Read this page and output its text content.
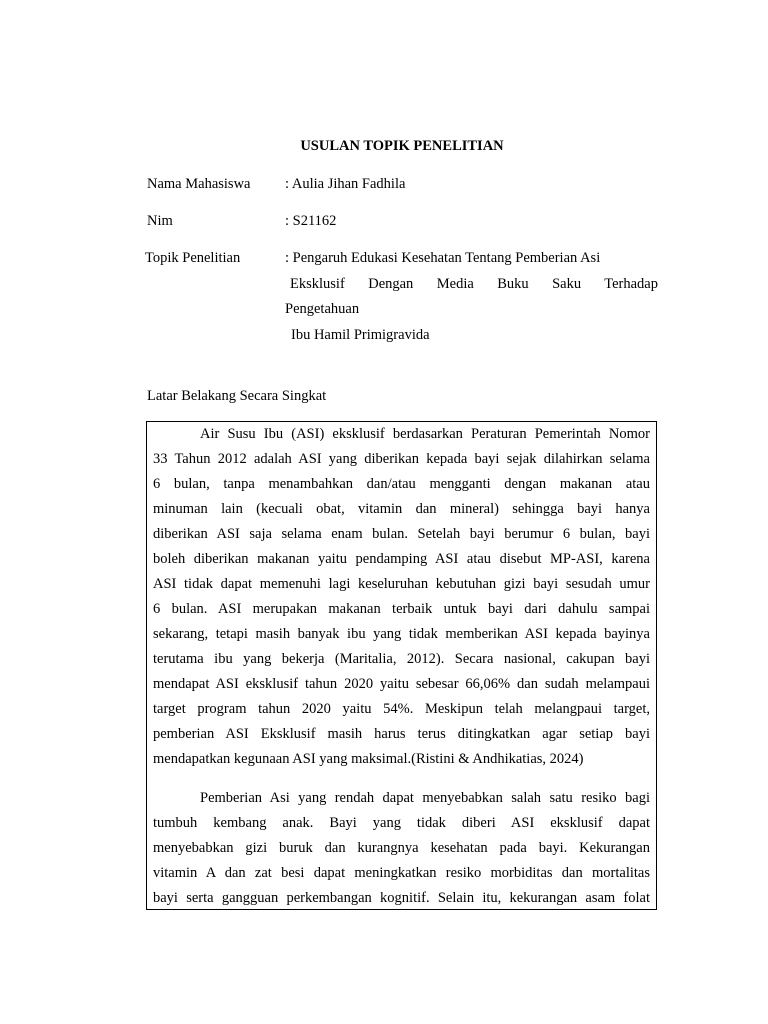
USULAN TOPIK PENELITIAN
Nama Mahasiswa : Aulia Jihan Fadhila
Nim	: S21162
Topik Penelitian	: Pengaruh Edukasi Kesehatan Tentang Pemberian Asi
Eksklusif Dengan Media Buku Saku Terhadap
Pengetahuan
Ibu Hamil Primigravida
Latar Belakang Secara Singkat
Air Susu Ibu (ASI) eksklusif berdasarkan Peraturan Pemerintah Nomor
33 Tahun 2012 adalah ASI yang diberikan kepada bayi sejak dilahirkan selama
6 bulan, tanpa menambahkan dan/atau mengganti dengan makanan atau
minuman lain (kecuali obat, vitamin dan mineral) sehingga bayi hanya
diberikan ASI saja selama enam bulan. Setelah bayi berumur 6 bulan, bayi
boleh diberikan makanan yaitu pendamping ASI atau disebut MP-ASI, karena
ASI tidak dapat memenuhi lagi keseluruhan kebutuhan gizi bayi sesudah umur
6 bulan. ASI merupakan makanan terbaik untuk bayi dari dahulu sampai
sekarang, tetapi masih banyak ibu yang tidak memberikan ASI kepada bayinya
terutama ibu yang bekerja (Maritalia, 2012). Secara nasional, cakupan bayi
mendapat ASI eksklusif tahun 2020 yaitu sebesar 66,06% dan sudah melampaui
target program tahun 2020 yaitu 54%. Meskipun telah melangpaui target,
pemberian ASI Eksklusif masih harus terus ditingkatkan agar setiap bayi
mendapatkan kegunaan ASI yang maksimal.(Ristini & Andhikatias, 2024)
Pemberian Asi yang rendah dapat menyebabkan salah satu resiko bagi
tumbuh kembang anak. Bayi yang tidak diberi ASI eksklusif dapat
menyebabkan gizi buruk dan kurangnya kesehatan pada bayi. Kekurangan
vitamin A dan zat besi dapat meningkatkan resiko morbiditas dan mortalitas
bayi serta gangguan perkembangan kognitif. Selain itu, kekurangan asam folat
